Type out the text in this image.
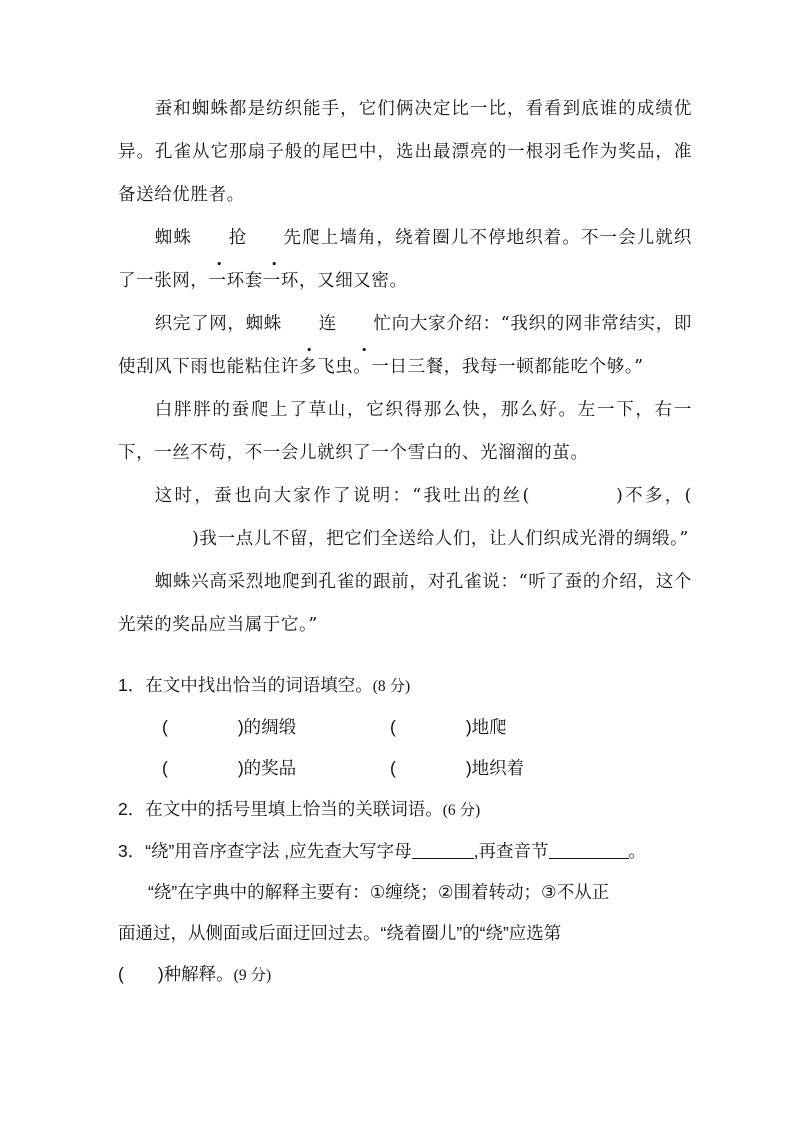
蚕和蜘蛛都是纺织能手，它们俩决定比一比，看看到底谁的成绩优异。孔雀从它那扇子般的尾巴中，选出最漂亮的一根羽毛作为奖品，准备送给优胜者。

蜘蛛 抢 先爬上墙角，绕着圈儿不停地织着。不一会儿就织了一张网，一环套一环，又细又密。

织完了网，蜘蛛 连 忙向大家介绍：“我织的网非常结实，即使刮风下雨也能粘住许多飞虫。一日三餐，我每一顿都能吃个够。”

白胖胖的蚕爬上了草山，它织得那么快，那么好。左一下，右一下，一丝不苟，不一会儿就织了一个雪白的、光溜溜的茧。

这时，蚕也向大家作了说明：“我吐出的丝(	)不多，()我一点儿不留，把它们全送给人们，让人们织成光滑的绸缎。”

蜘蛛兴高采烈地爬到孔雀的跟前，对孔雀说：“听了蚕的介绍，这个光荣的奖品应当属于它。”

1．在文中找出恰当的词语填空。(8 分)

(	)的绸缎	(	)地爬
(	)的奖品	(	)地织着

2．在文中的括号里填上恰当的关联词语。(6 分)

3．“绕”用音序查字法 ,应先查大写字母	,再查音节	。

“绕”在字典中的解释主要有：①缠绕；②围着转动；③不从正

面通过，从侧面或后面迂回过去。“绕着圈儿”的“绕”应选第

( )种解释。(9 分)
